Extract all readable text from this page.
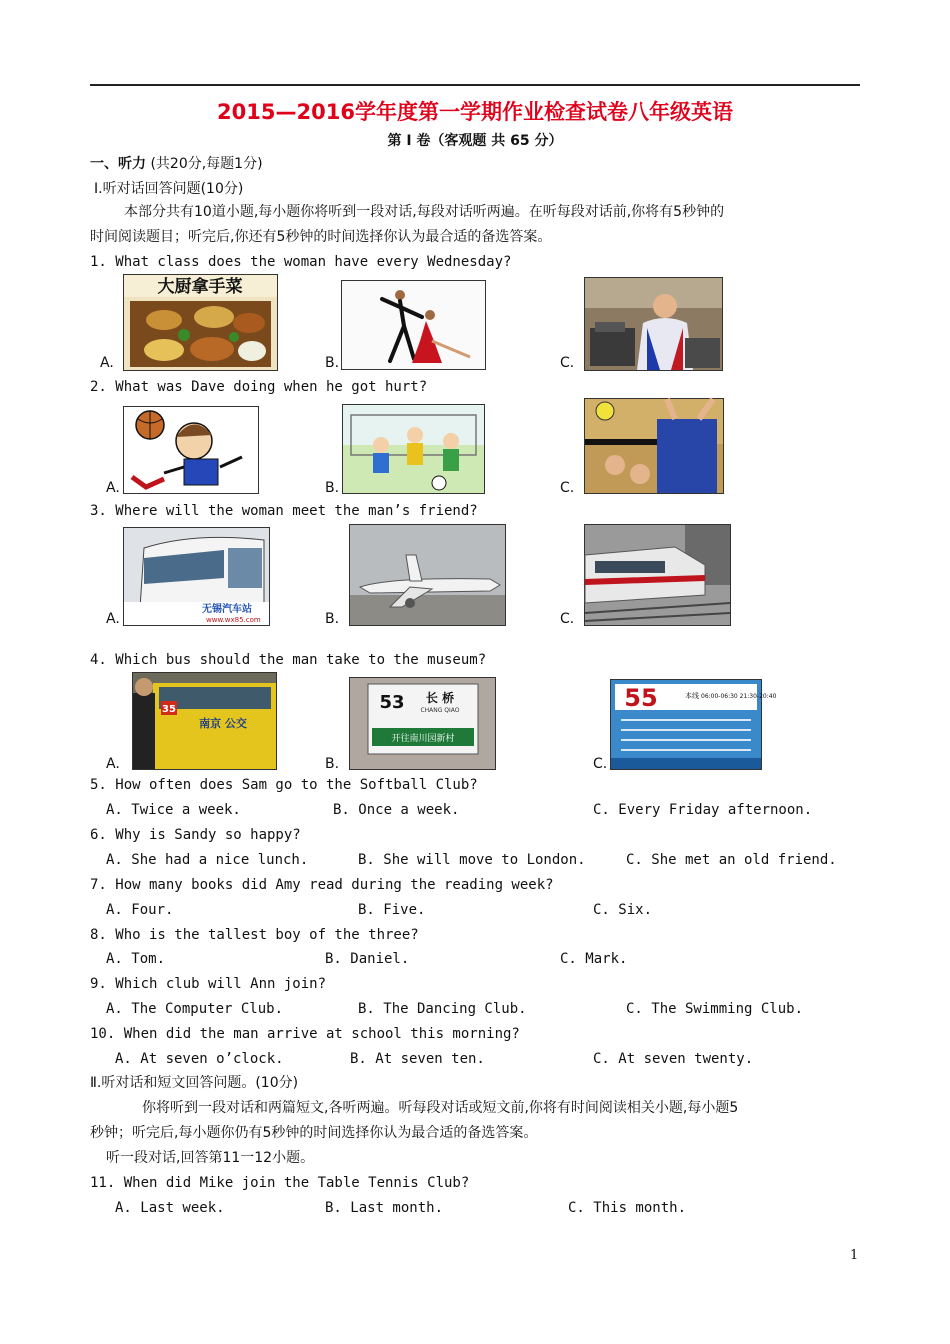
2015—2016学年度第一学期作业检查试卷八年级英语
第 I 卷（客观题 共 65 分）
一、听力 (共20分,每题1分)
Ⅰ.听对话回答问题(10分)
本部分共有10道小题,每小题你将听到一段对话,每段对话听两遍。在听每段对话前,你将有5秒钟的
时间阅读题目；听完后,你还有5秒钟的时间选择你认为最合适的备选答案。
1. What class does the woman have every Wednesday?
大厨拿手菜
A.	B.	C.
2. What was Dave doing when he got hurt?
A.	B.	C.
3. Where will the woman meet the man’s friend?
无锡汽车站
www.wx85.com
A.	B.	C.
4. Which bus should the man take to the museum?
35
南京 公交
53 长 桥
CHANG QIAO
开往南川园新村
55	本线 06:00-06:30 21:30-20:40
A.	B.	C.
5. How often does Sam go to the Softball Club?
A. Twice a week.	B. Once a week.	C. Every Friday afternoon.
6. Why is Sandy so happy?
A. She had a nice lunch.	B. She will move to London.	C. She met an old friend.
7. How many books did Amy read during the reading week?
A. Four.	B. Five.	C. Six.
8. Who is the tallest boy of the three?
A. Tom.	B. Daniel.	C. Mark.
9. Which club will Ann join?
A. The Computer Club.	B. The Dancing Club.	C. The Swimming Club.
10. When did the man arrive at school this morning?
A. At seven o’clock.	B. At seven ten.	C. At seven twenty.
Ⅱ.听对话和短文回答问题。(10分)
你将听到一段对话和两篇短文,各听两遍。听每段对话或短文前,你将有时间阅读相关小题,每小题5
秒钟；听完后,每小题你仍有5秒钟的时间选择你认为最合适的备选答案。
听一段对话,回答第11一12小题。
11. When did Mike join the Table Tennis Club?
A. Last week.	B. Last month.	C. This month.
1
